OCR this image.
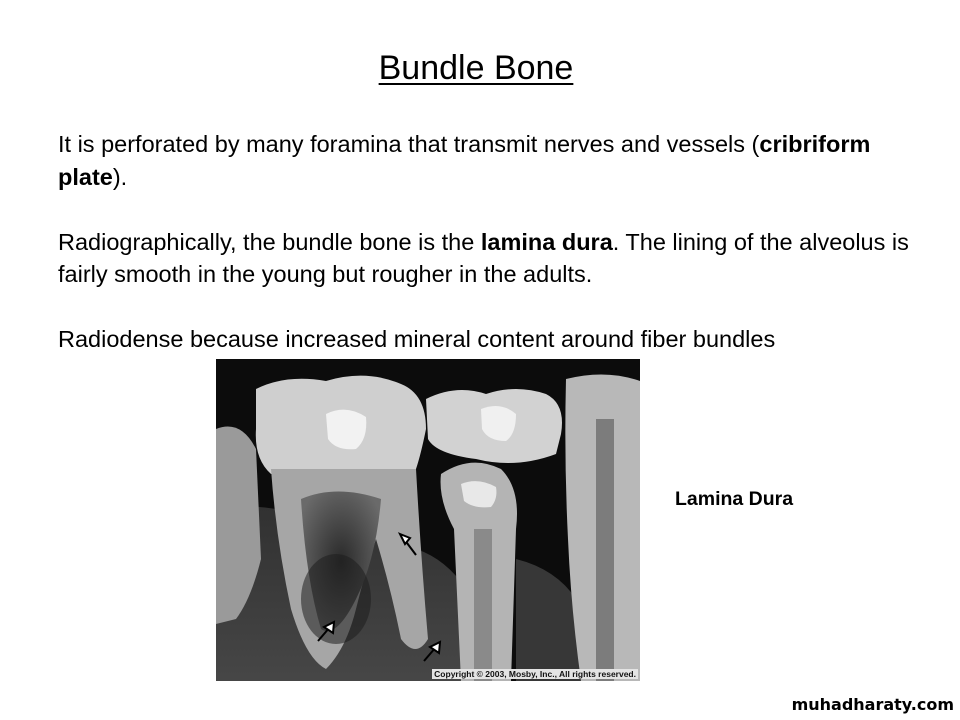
Bundle Bone

It is perforated by many foramina that transmit nerves and vessels (cribriform plate).

Radiographically, the bundle bone is the lamina dura. The lining of the alveolus is fairly smooth in the young but rougher in the adults.

Radiodense because increased mineral content around fiber bundles

Copyright © 2003, Mosby, Inc., All rights reserved.
Lamina Dura
muhadharaty.com
